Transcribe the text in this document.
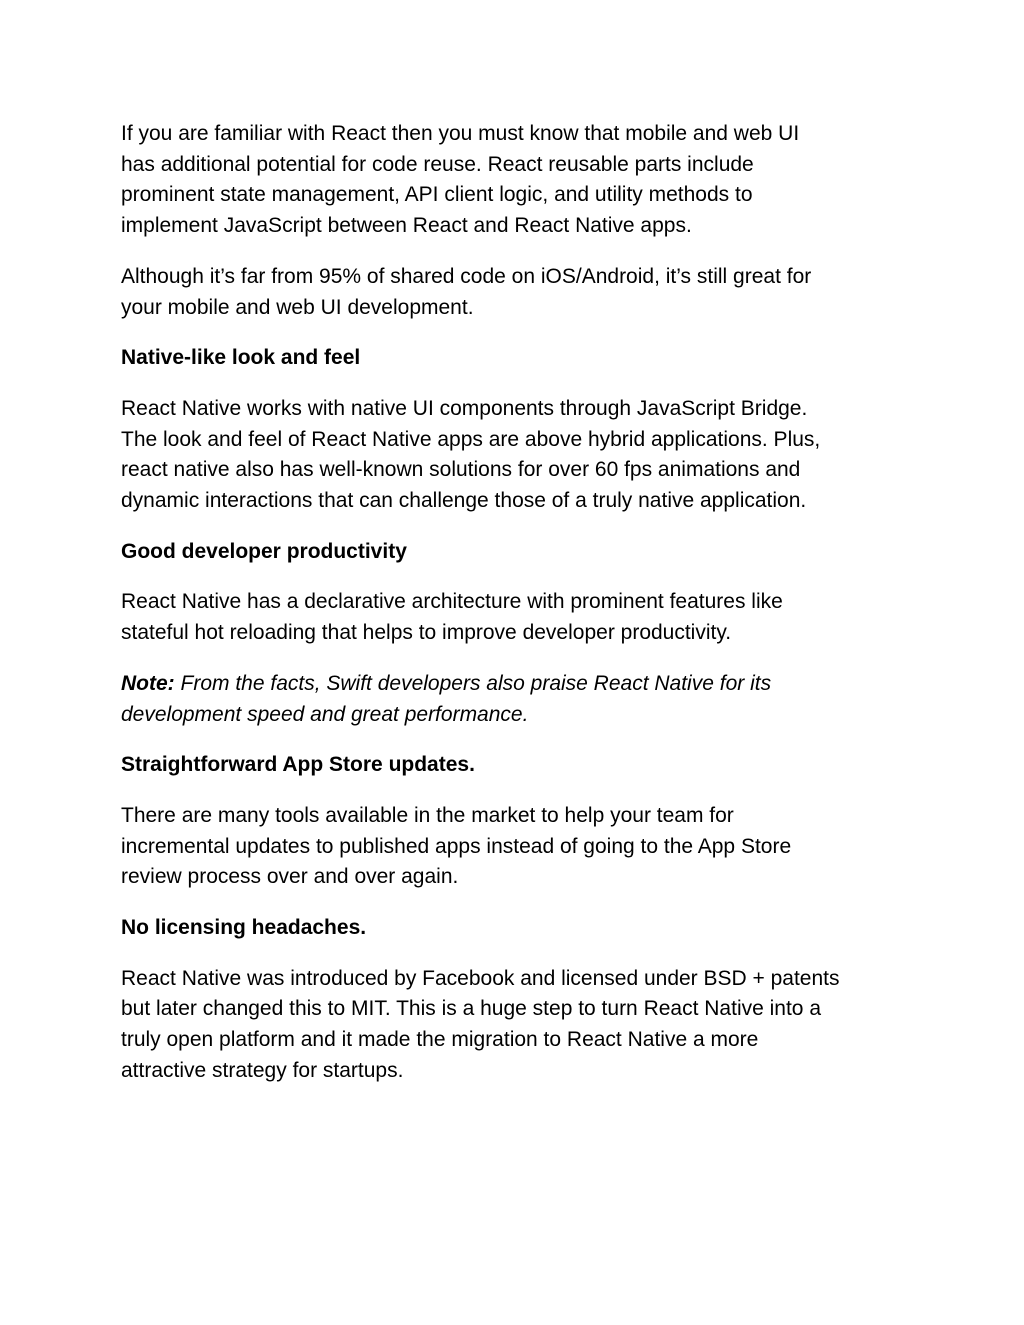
If you are familiar with React then you must know that mobile and web UI
has additional potential for code reuse. React reusable parts include
prominent state management, API client logic, and utility methods to
implement JavaScript between React and React Native apps.

Although it’s far from 95% of shared code on iOS/Android, it’s still great for
your mobile and web UI development.

Native-like look and feel

React Native works with native UI components through JavaScript Bridge.
The look and feel of React Native apps are above hybrid applications. Plus,
react native also has well-known solutions for over 60 fps animations and
dynamic interactions that can challenge those of a truly native application.

Good developer productivity

React Native has a declarative architecture with prominent features like
stateful hot reloading that helps to improve developer productivity.

Note: From the facts, Swift developers also praise React Native for its
development speed and great performance.

Straightforward App Store updates.

There are many tools available in the market to help your team for
incremental updates to published apps instead of going to the App Store
review process over and over again.

No licensing headaches.

React Native was introduced by Facebook and licensed under BSD + patents
but later changed this to MIT. This is a huge step to turn React Native into a
truly open platform and it made the migration to React Native a more
attractive strategy for startups.
